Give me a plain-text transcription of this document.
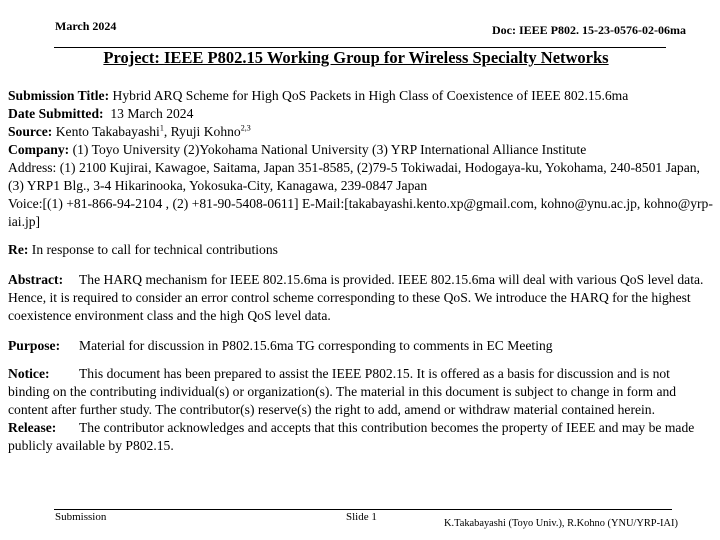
March 2024	Doc: IEEE P802. 15-23-0576-02-06ma
Project: IEEE P802.15 Working Group for Wireless Specialty Networks

Submission Title: Hybrid ARQ Scheme for High QoS Packets in High Class of Coexistence of IEEE 802.15.6ma

Date Submitted: 13 March 2024

Source: Kento Takabayashi$^1$, Ryuji Kohno$^{2,3}$

Company: (1) Toyo University (2)Yokohama National University (3) YRP International Alliance Institute

Address: (1) 2100 Kujirai, Kawagoe, Saitama, Japan 351-8585, (2)79-5 Tokiwadai, Hodogaya-ku, Yokohama, 240-8501 Japan,

(3) YRP1 Blg., 3-4 Hikarinooka, Yokosuka-City, Kanagawa, 239-0847 Japan

Voice:[(1) +81-866-94-2104 , (2) +81-90-5408-0611] E-Mail:[takabayashi.kento.xp@gmail.com, kohno@ynu.ac.jp, kohno@yrp-iai.jp]

Re: In response to call for technical contributions

Abstract: The HARQ mechanism for IEEE 802.15.6ma is provided. IEEE 802.15.6ma will deal with various QoS level data. Hence, it is required to consider an error control scheme corresponding to these QoS. We introduce the HARQ for the highest coexistence environment class and the high QoS level data.

Purpose: Material for discussion in P802.15.6ma TG corresponding to comments in EC Meeting

Notice: This document has been prepared to assist the IEEE P802.15. It is offered as a basis for discussion and is not binding on the contributing individual(s) or organization(s). The material in this document is subject to change in form and content after further study. The contributor(s) reserve(s) the right to add, amend or withdraw material contained herein.

Release: The contributor acknowledges and accepts that this contribution becomes the property of IEEE and may be made publicly available by P802.15.

Submission	Slide 1
K.Takabayashi (Toyo Univ.), R.Kohno (YNU/YRP-IAI)
